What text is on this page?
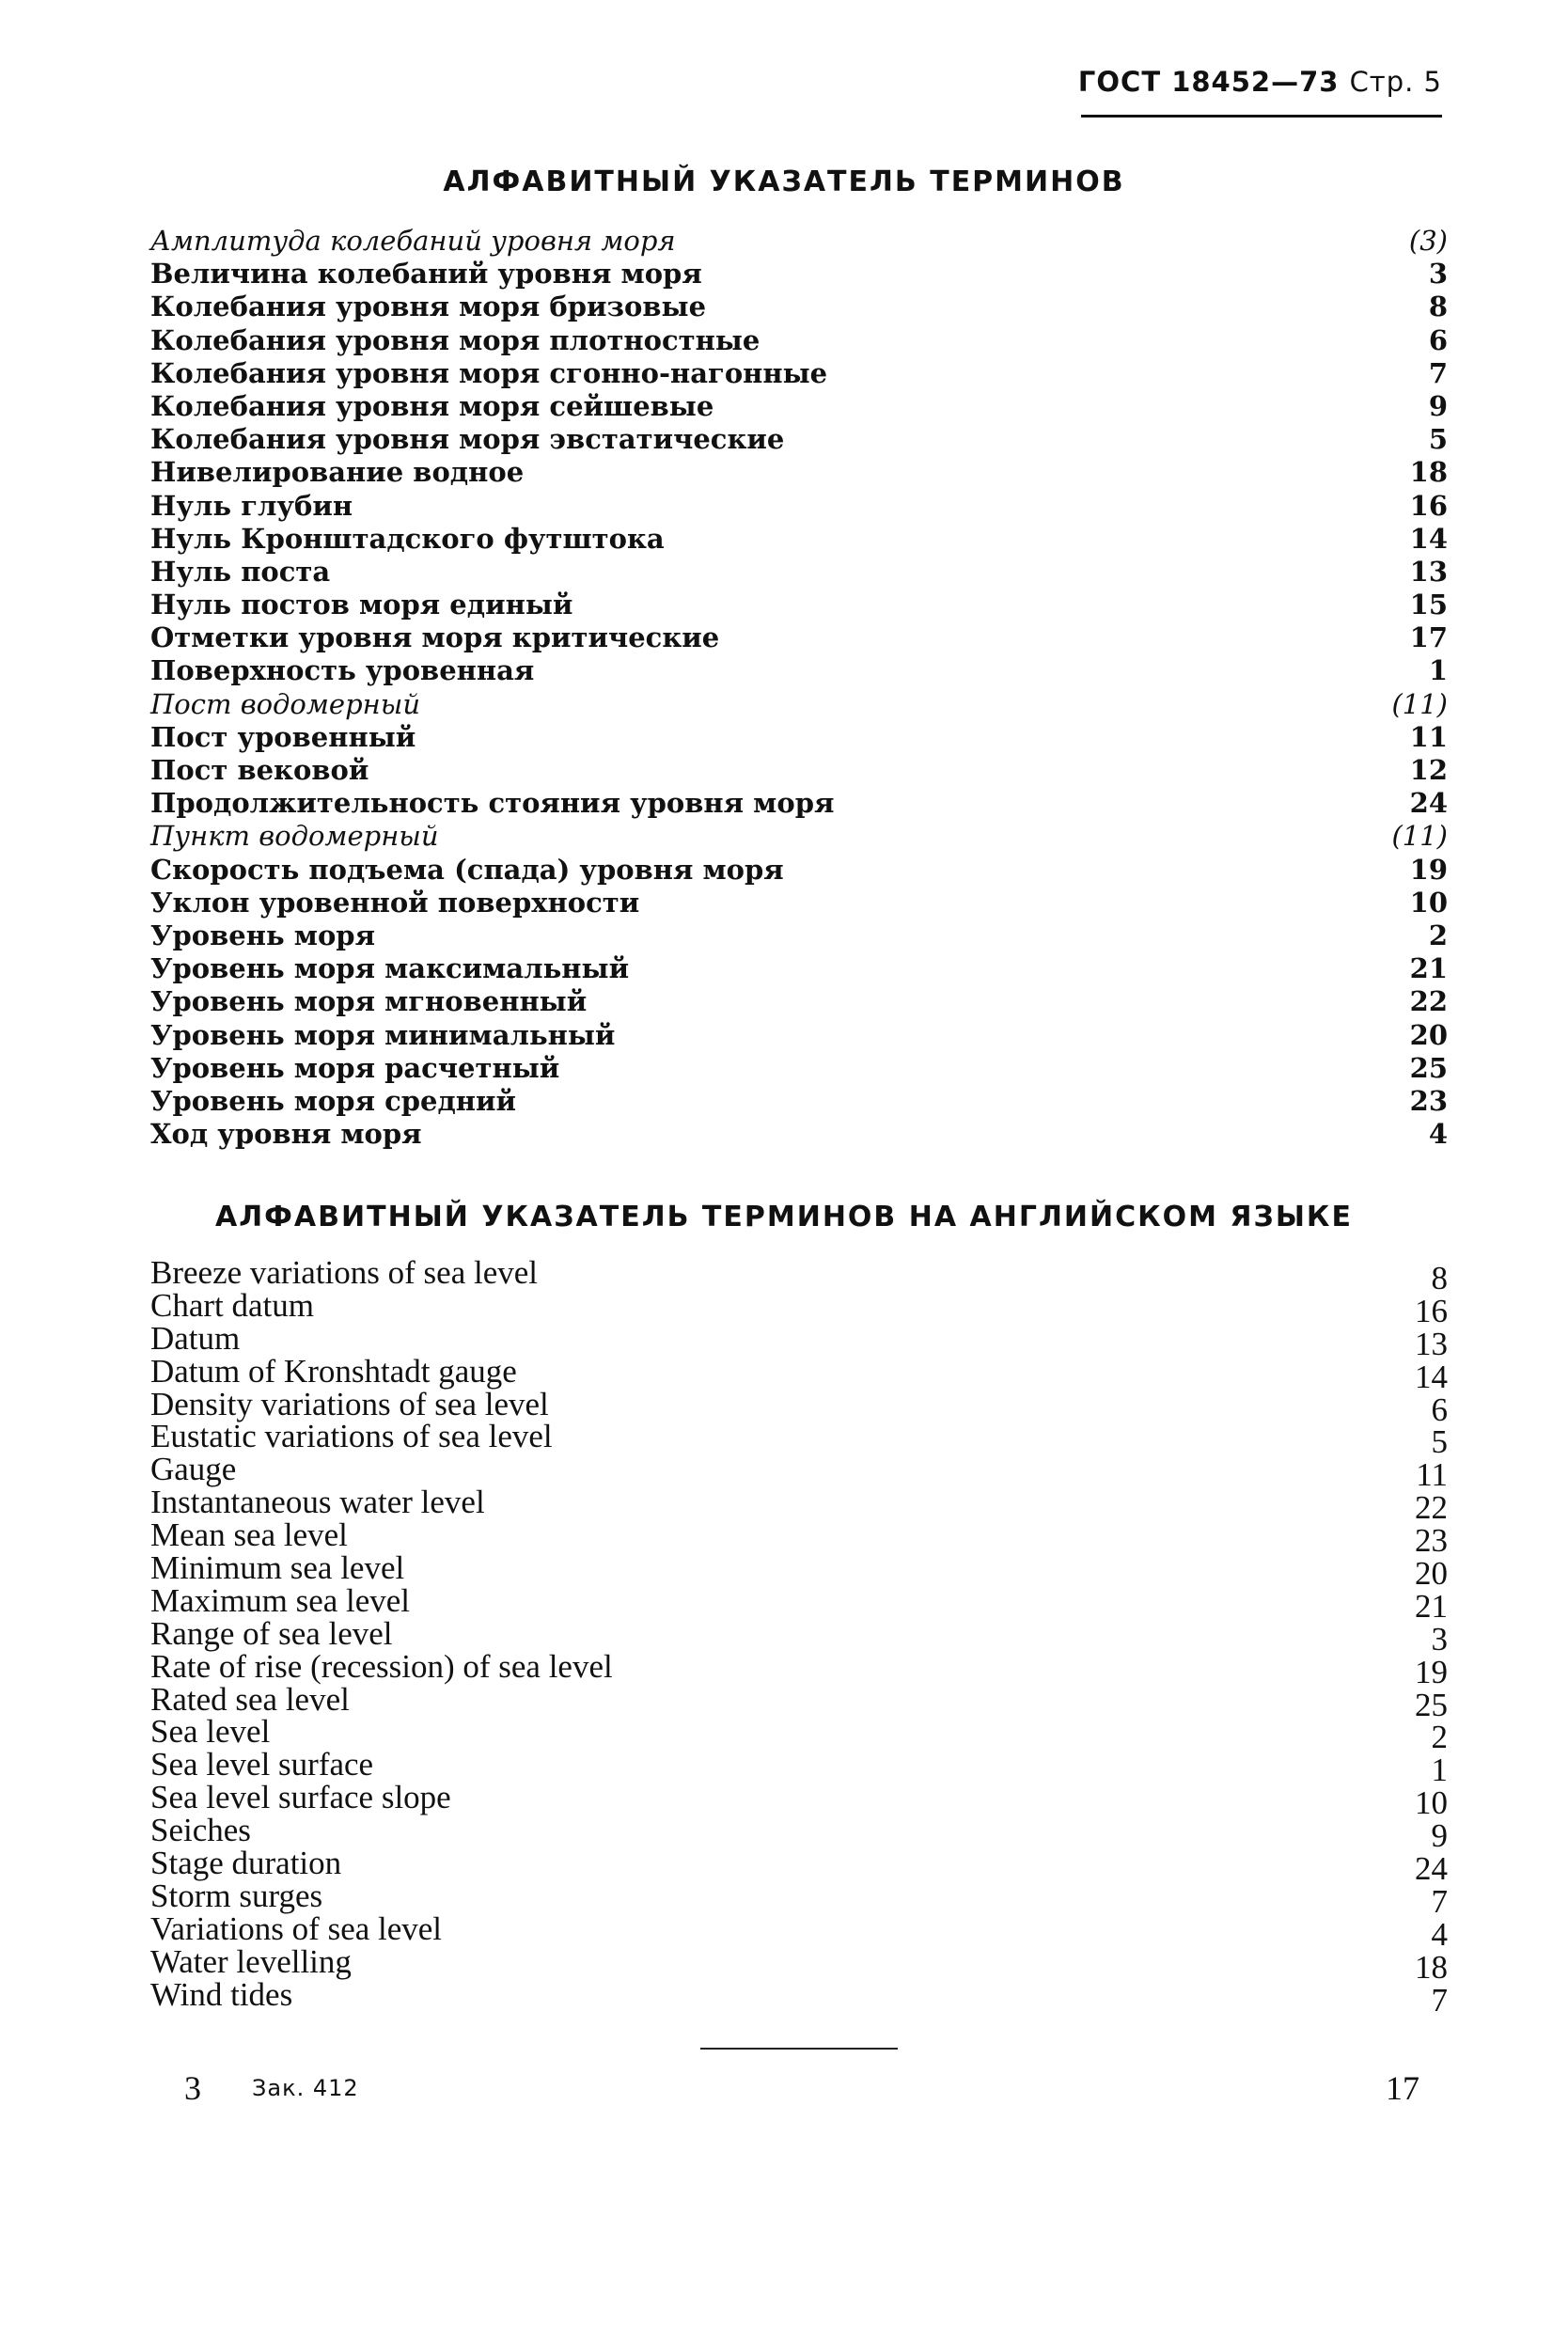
ГОСТ 18452—73 Стр. 5
АЛФАВИТНЫЙ УКАЗАТЕЛЬ ТЕРМИНОВ
Амплитуда колебаний уровня моря	(3)
Величина колебаний уровня моря	3
Колебания уровня моря бризовые	8
Колебания уровня моря плотностные	6
Колебания уровня моря сгонно-нагонные	7
Колебания уровня моря сейшевые	9
Колебания уровня моря эвстатические	5
Нивелирование водное	18
Нуль глубин	16
Нуль Кронштадского футштока	14
Нуль поста	13
Нуль постов моря единый	15
Отметки уровня моря критические	17
Поверхность уровенная	1
Пост водомерный	(11)
Пост уровенный	11
Пост вековой	12
Продолжительность стояния уровня моря	24
Пункт водомерный	(11)
Скорость подъема (спада) уровня моря	19
Уклон уровенной поверхности	10
Уровень моря	2
Уровень моря максимальный	21
Уровень моря мгновенный	22
Уровень моря минимальный	20
Уровень моря расчетный	25
Уровень моря средний	23
Ход уровня моря	4
АЛФАВИТНЫЙ УКАЗАТЕЛЬ ТЕРМИНОВ НА АНГЛИЙСКОМ ЯЗЫКЕ
Breeze variations of sea level	8
Chart datum	16
Datum	13
Datum of Kronshtadt gauge	14
Density variations of sea level	6
Eustatic variations of sea level	5
Gauge	11
Instantaneous water level	22
Mean sea level	23
Minimum sea level	20
Maximum sea level	21
Range of sea level	3
Rate of rise (recession) of sea level	19
Rated sea level	25
Sea level	2
Sea level surface	1
Sea level surface slope	10
Seiches	9
Stage duration	24
Storm surges	7
Variations of sea level	4
Water levelling	18
Wind tides	7
3 Зак. 412	17
